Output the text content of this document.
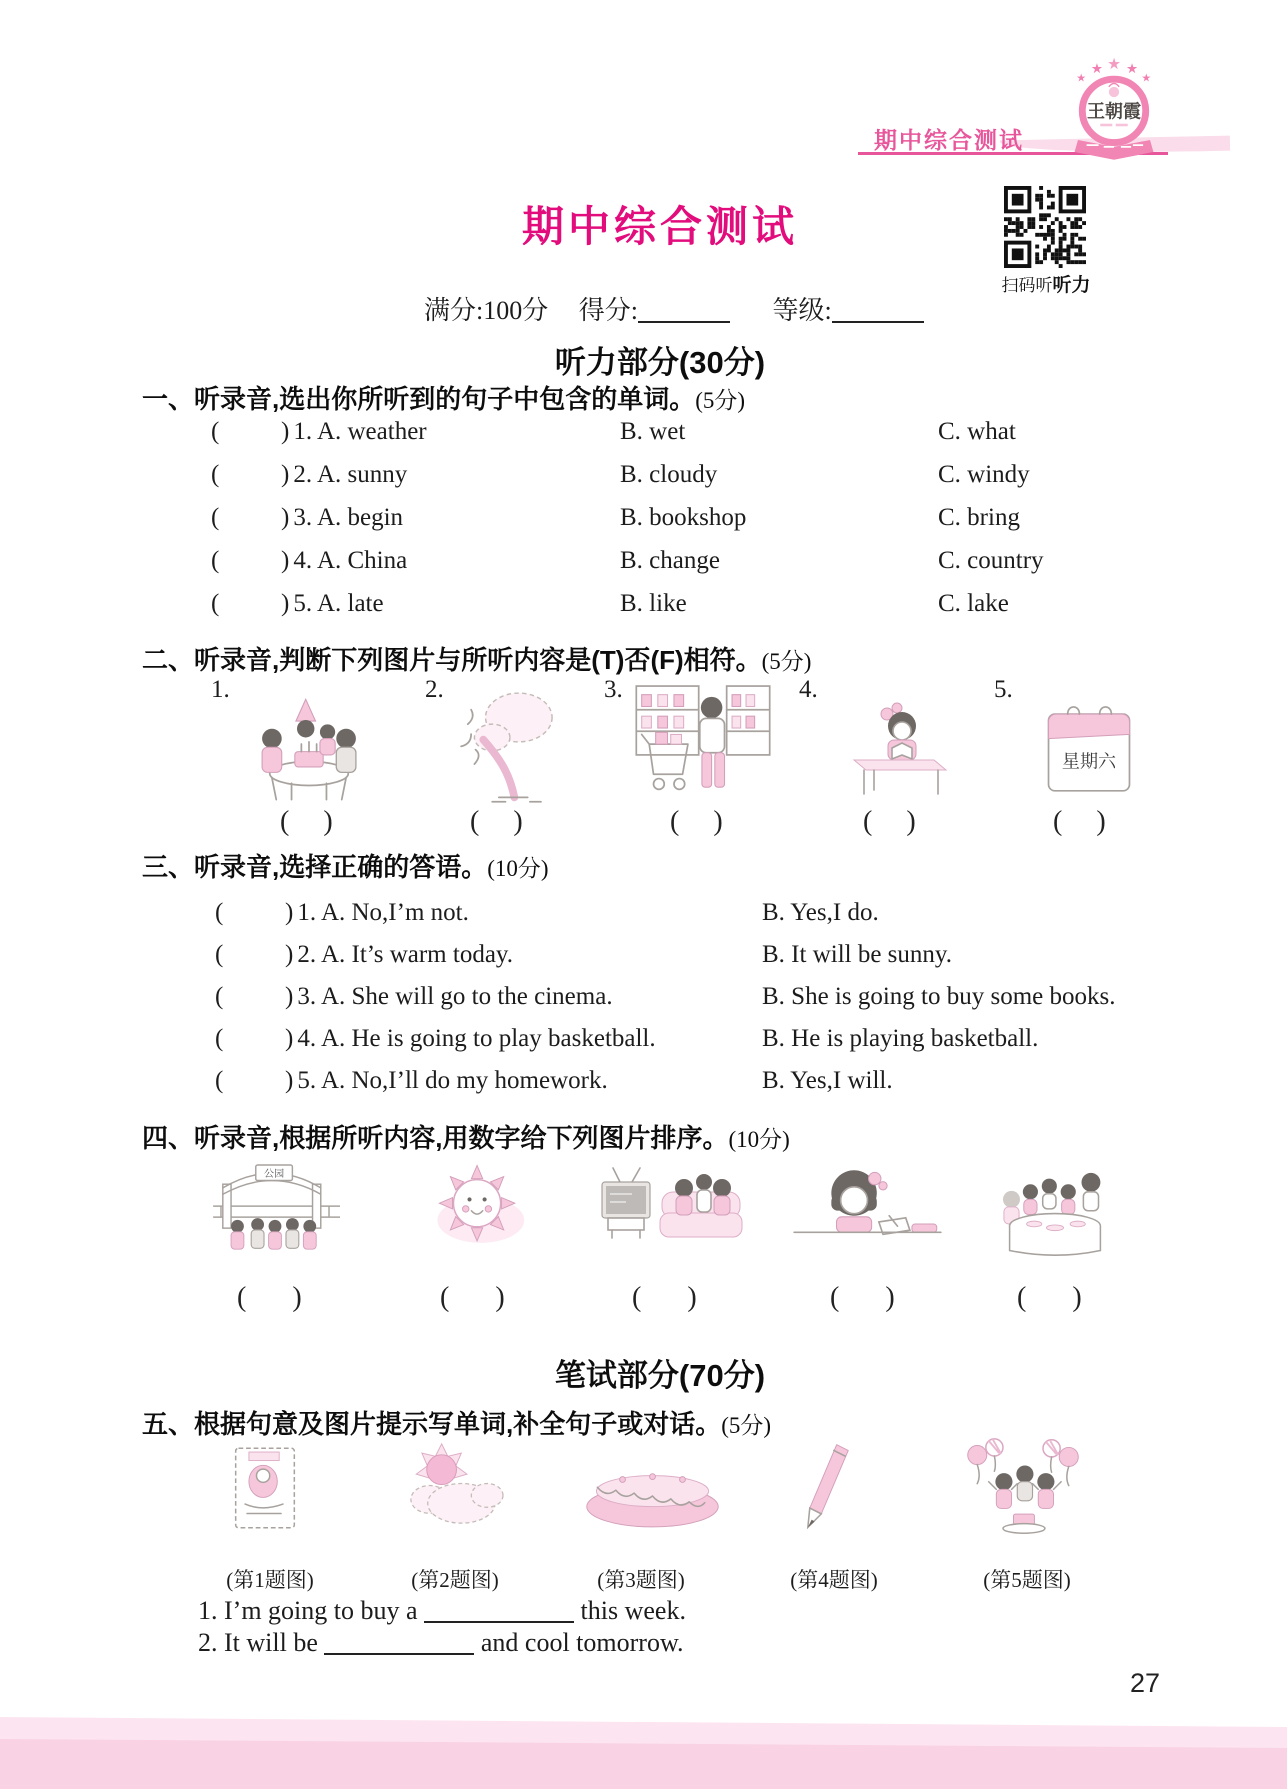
期中综合测试
★
★ ★ ★
★
王朝霞
期中综合测试
扫码听听力
满分:100分 得分:	等级:
听力部分(30分)
一、听录音,选出你所听到的句子中包含的单词。(5分)
( ) 1. A. weather	B. wet	C. what
( ) 2. A. sunny	B. cloudy	C. windy
( ) 3. A. begin	B. bookshop	C. bring
( ) 4. A. China	B. change	C. country
( ) 5. A. late	B. like	C. lake
二、听录音,判断下列图片与所听内容是(T)否(F)相符。(5分)
1.	2.	3.	4.	5.
星期六
( )	( )	( )	( )	( )
三、听录音,选择正确的答语。(10分)
( ) 1. A. No,I’m not.	B. Yes,I do.
( ) 2. A. It’s warm today.	B. It will be sunny.
( ) 3. A. She will go to the cinema.	B. She is going to buy some books.
( ) 4. A. He is going to play basketball.	B. He is playing basketball.
( ) 5. A. No,I’ll do my homework.	B. Yes,I will.
四、听录音,根据所听内容,用数字给下列图片排序。(10分)
公园
( )	( )	( )	( )	( )
笔试部分(70分)
五、根据句意及图片提示写单词,补全句子或对话。(5分)
(第1题图)	(第2题图)	(第3题图)	(第4题图)	(第5题图)
1. I’m going to buy a	this week.
2. It will be	and cool tomorrow.
27
